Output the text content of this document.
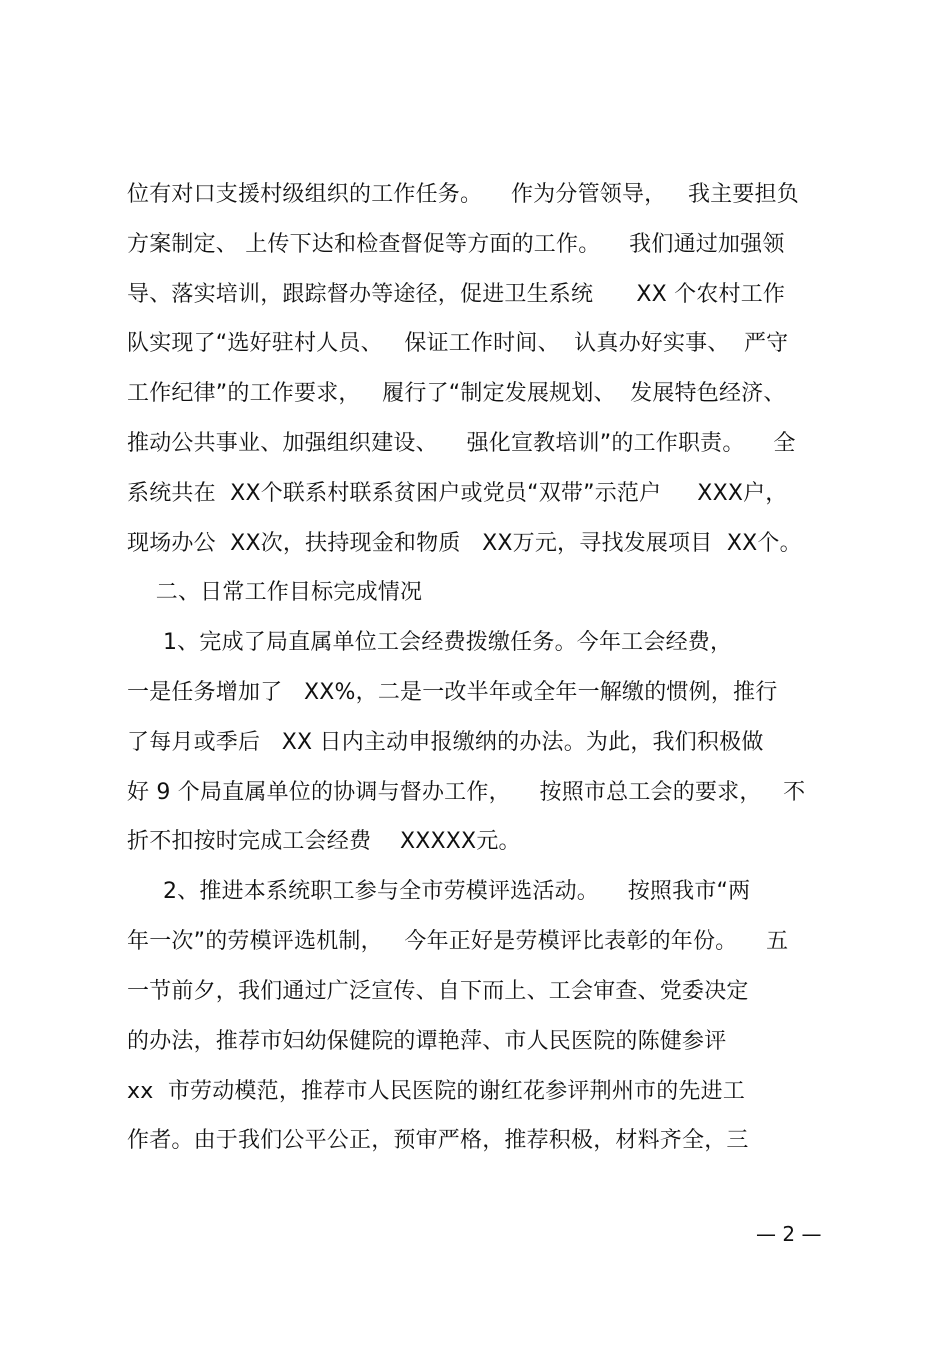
位有对口支援村级组织的工作任务。    作为分管领导，   我主要担负
方案制定、 上传下达和检查督促等方面的工作。    我们通过加强领
导、落实培训，跟踪督办等途径，促进卫生系统      XX 个农村工作
队实现了“选好驻村人员、   保证工作时间、  认真办好实事、  严守
工作纪律”的工作要求，   履行了“制定发展规划、  发展特色经济、
推动公共事业、加强组织建设、    强化宣教培训”的工作职责。    全
系统共在  XX个联系村联系贫困户或党员“双带”示范户     XXX户，
现场办公  XX次，扶持现金和物质   XX万元，寻找发展项目  XX个。
二、日常工作目标完成情况
1、完成了局直属单位工会经费拨缴任务。今年工会经费，
一是任务增加了   XX%，二是一改半年或全年一解缴的惯例，推行
了每月或季后   XX 日内主动申报缴纳的办法。为此，我们积极做
好 9 个局直属单位的协调与督办工作，    按照市总工会的要求，   不
折不扣按时完成工会经费    XXXXX元。
2、推进本系统职工参与全市劳模评选活动。    按照我市“两
年一次”的劳模评选机制，   今年正好是劳模评比表彰的年份。    五
一节前夕，我们通过广泛宣传、自下而上、工会审查、党委决定
的办法，推荐市妇幼保健院的谭艳萍、市人民医院的陈健参评
xx  市劳动模范，推荐市人民医院的谢红花参评荆州市的先进工
作者。由于我们公平公正，预审严格，推荐积极，材料齐全，三
— 2 —
